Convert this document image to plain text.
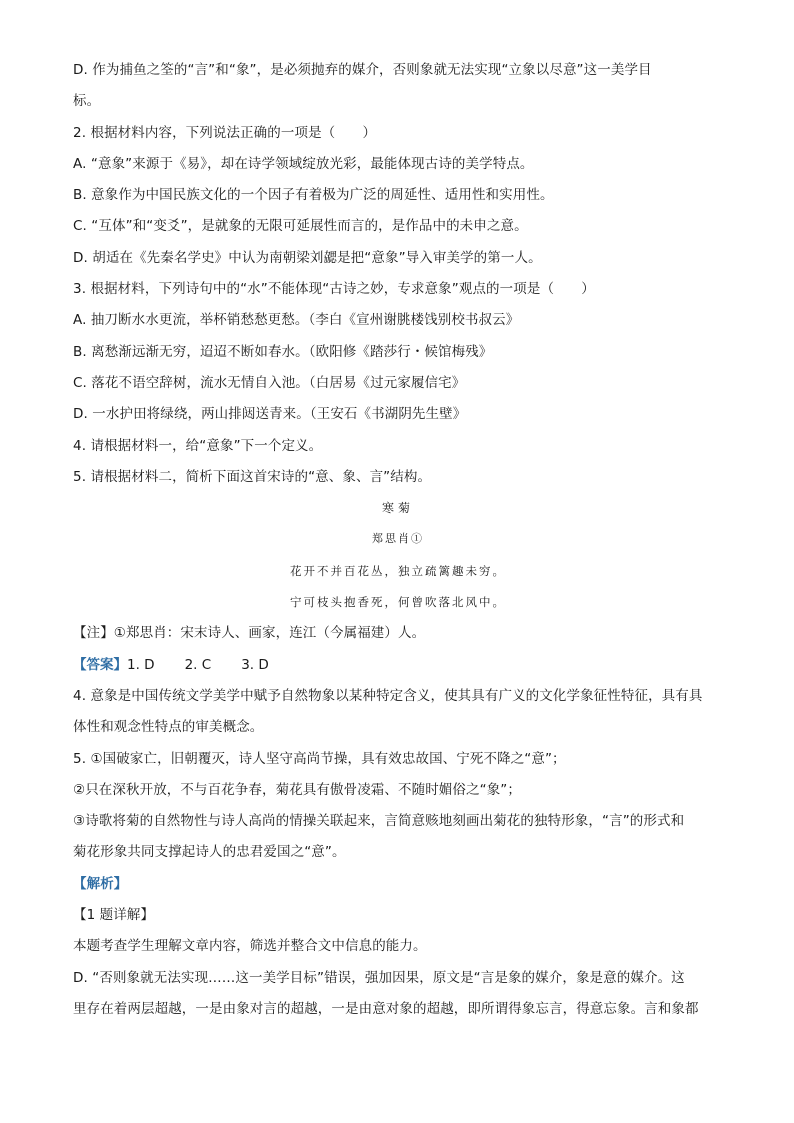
D. 作为捕鱼之筌的“言”和“象”，是必须抛弃的媒介，否则象就无法实现“立象以尽意”这一美学目
标。
2. 根据材料内容，下列说法正确的一项是（　　）
A. “意象”来源于《易》，却在诗学领域绽放光彩，最能体现古诗的美学特点。
B. 意象作为中国民族文化的一个因子有着极为广泛的周延性、适用性和实用性。
C. “互体”和“变爻”，是就象的无限可延展性而言的，是作品中的未申之意。
D. 胡适在《先秦名学史》中认为南朝梁刘勰是把“意象”导入审美学的第一人。
3. 根据材料，下列诗句中的“水”不能体现“古诗之妙，专求意象”观点的一项是（　　）
A. 抽刀断水水更流，举杯销愁愁更愁。（李白《宣州谢朓楼饯别校书叔云》
B. 离愁渐远渐无穷，迢迢不断如春水。（欧阳修《踏莎行・候馆梅残》
C. 落花不语空辞树，流水无情自入池。（白居易《过元家履信宅》
D. 一水护田将绿绕，两山排闼送青来。（王安石《书湖阴先生壁》
4. 请根据材料一，给“意象”下一个定义。
5. 请根据材料二，简析下面这首宋诗的“意、象、言”结构。
寒菊
郑思肖①
花开不并百花丛，独立疏篱趣未穷。
宁可枝头抱香死，何曾吹落北风中。
【注】①郑思肖：宋末诗人、画家，连江（今属福建）人。
【答案】1. D 2. C 3. D
4. 意象是中国传统文学美学中赋予自然物象以某种特定含义，使其具有广义的文化学象征性特征，具有具
体性和观念性特点的审美概念。
5. ①国破家亡，旧朝覆灭，诗人坚守高尚节操，具有效忠故国、宁死不降之“意”；
②只在深秋开放，不与百花争春，菊花具有傲骨凌霜、不随时媚俗之“象”；
③诗歌将菊的自然物性与诗人高尚的情操关联起来，言简意赅地刻画出菊花的独特形象，“言”的形式和
菊花形象共同支撑起诗人的忠君爱国之“意”。
【解析】
【1 题详解】
本题考查学生理解文章内容，筛选并整合文中信息的能力。
D. “否则象就无法实现……这一美学目标”错误，强加因果，原文是“言是象的媒介，象是意的媒介。这
里存在着两层超越，一是由象对言的超越，一是由意对象的超越，即所谓得象忘言，得意忘象。言和象都
